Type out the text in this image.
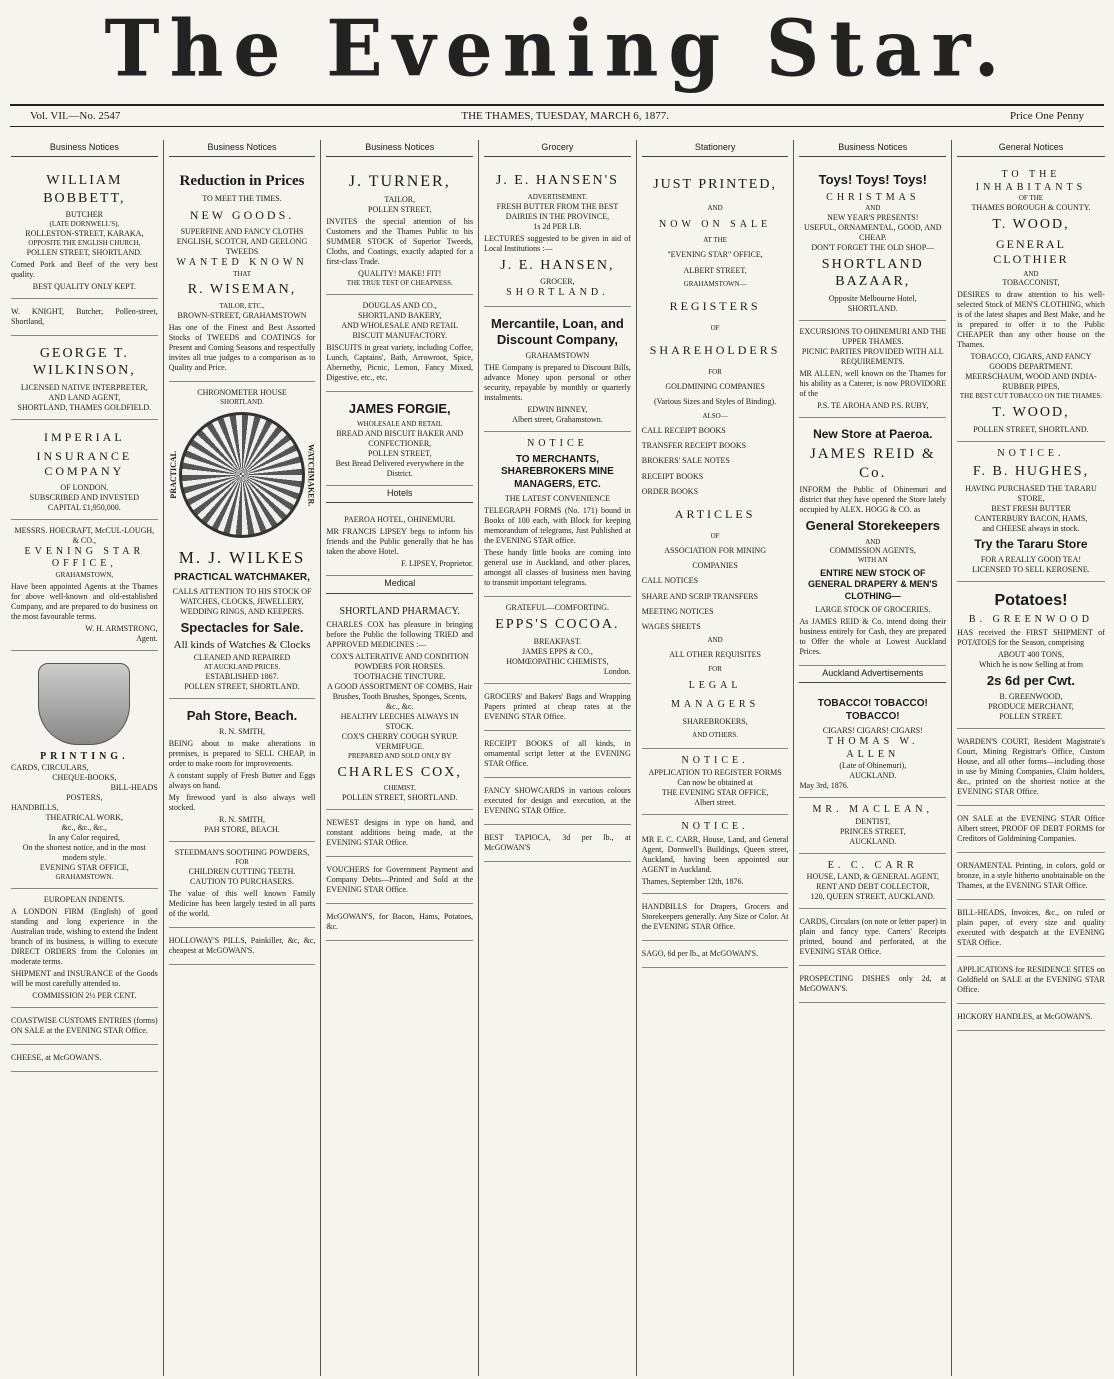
The Evening Star.
Vol. VII.—No. 2547	THE THAMES, TUESDAY, MARCH 6, 1877.	Price One Penny
Business Notices
WILLIAM BOBBETT,
BUTCHER
(LATE DORNWELL'S),
ROLLESTON-STREET, KARAKA,
OPPOSITE THE ENGLISH CHURCH,
POLLEN STREET, SHORTLAND.

Corned Pork and Beef of the very best quality.

BEST QUALITY ONLY KEPT.

W. KNIGHT, Butcher, Pollen-street, Shortland,

GEORGE T. WILKINSON,
LICENSED NATIVE INTERPRETER,
AND LAND AGENT,
SHORTLAND, THAMES GOLDFIELD.
IMPERIAL
INSURANCE COMPANY
OF LONDON.
SUBSCRIBED AND INVESTED
CAPITAL £1,950,000.
MESSRS. HOECRAFT, McCUL-LOUGH, & CO.,
EVENING STAR OFFICE,
GRAHAMSTOWN,

Have been appointed Agents at the Thames for above well-known and old-established Company, and are prepared to do business on the most favourable terms.

W. H. ARMSTRONG,
Agent.
PRINTING.
CARDS, CIRCULARS,
CHEQUE-BOOKS,
BILL-HEADS
POSTERS,
HANDBILLS,
THEATRICAL WORK,
&c., &c., &c.,
In any Color required,
On the shortest notice, and in the most
modern style.
EVENING STAR OFFICE,
GRAHAMSTOWN.
EUROPEAN INDENTS.

A LONDON FIRM (English) of good standing and long experience in the Australian trade, wishing to extend the Indent branch of its business, is willing to execute DIRECT ORDERS from the Colonies on moderate terms.

SHIPMENT and INSURANCE of the Goods will be most carefully attended to.

COMMISSION 2½ PER CENT.

COASTWISE CUSTOMS ENTRIES (forms) ON SALE at the EVENING STAR Office.

CHEESE, at McGOWAN'S.

Business Notices
Reduction in Prices
TO MEET THE TIMES.
NEW GOODS.
SUPERFINE AND FANCY CLOTHS
ENGLISH, SCOTCH, AND GEELONG TWEEDS
WANTED KNOWN
THAT
R. WISEMAN,
TAILOR, ETC.,
BROWN-STREET, GRAHAMSTOWN

Has one of the Finest and Best Assorted Stocks of TWEEDS and COATINGS for Present and Coming Seasons and respectfully invites all true judges to a comparison as to Quality and Price.

CHRONOMETER HOUSE
SHORTLAND.
PRACTICAL	WATCHMAKER.
M. J. WILKES
PRACTICAL WATCHMAKER,
CALLS ATTENTION TO HIS STOCK OF
WATCHES, CLOCKS, JEWELLERY, WEDDING RINGS, AND KEEPERS.
Spectacles for Sale.
All kinds of Watches & Clocks
CLEANED AND REPAIRED
AT AUCKLAND PRICES.
ESTABLISHED 1867.
POLLEN STREET, SHORTLAND.
Pah Store, Beach.
R. N. SMITH,

BEING about to make alterations in premises, is prepared to SELL CHEAP, in order to make room for improvements.

A constant supply of Fresh Butter and Eggs always on hand.

My firewood yard is also always well stocked.

R. N. SMITH,
PAH STORE, BEACH.
STEEDMAN'S SOOTHING POWDERS,
FOR
CHILDREN CUTTING TEETH.
CAUTION TO PURCHASERS.

The value of this well known Family Medicine has been largely tested in all parts of the world.

HOLLOWAY'S PILLS, Painkiller, &c, &c, cheapest at McGOWAN'S.

Business Notices
J. TURNER,
TAILOR,
POLLEN STREET,

INVITES the special attention of his Customers and the Thames Public to his SUMMER STOCK of Superior Tweeds, Cloths, and Coatings, exactly adapted for a first-class Trade.

QUALITY! MAKE! FIT!
THE TRUE TEST OF CHEAPNESS.
DOUGLAS AND CO.,
SHORTLAND BAKERY,
AND WHOLESALE AND RETAIL BISCUIT MANUFACTORY.

BISCUITS in great variety, including Coffee, Lunch, Captains', Bath, Arrowroot, Spice, Abernethy, Picnic, Lemon, Fancy Mixed, Digestive, etc., etc.

JAMES FORGIE,
WHOLESALE AND RETAIL
BREAD AND BISCUIT BAKER AND CONFECTIONER,
POLLEN STREET,
Best Bread Delivered everywhere in the District.
Hotels
PAEROA HOTEL, OHINEMURI.

MR FRANCIS LIPSEY begs to inform his friends and the Public generally that he has taken the above Hotel.

F. LIPSEY, Proprietor.
Medical
SHORTLAND PHARMACY.

CHARLES COX has pleasure in bringing before the Public the following TRIED and APPROVED MEDICINES :—

COX'S ALTERATIVE AND CONDITION POWDERS FOR HORSES.
TOOTHACHE TINCTURE.
A GOOD ASSORTMENT OF COMBS, Hair Brushes, Tooth Brushes, Sponges, Scents, &c., &c.
HEALTHY LEECHES ALWAYS IN STOCK.
COX'S CHERRY COUGH SYRUP.
VERMIFUGE.
PREPARED AND SOLD ONLY BY
CHARLES COX,
CHEMIST,
POLLEN STREET, SHORTLAND.

NEWEST designs in type on hand, and constant additions being made, at the EVENING STAR Office.

VOUCHERS for Government Payment and Company Debts—Printed and Sold at the EVENING STAR Office.

McGOWAN'S, for Bacon, Hams, Potatoes, &c.

Grocery
J. E. HANSEN'S
ADVERTISEMENT.
FRESH BUTTER FROM THE BEST DAIRIES IN THE PROVINCE,
1s 2d PER LB.

LECTURES suggested to be given in aid of Local Institutions :—

J. E. HANSEN,
GROCER,
SHORTLAND.
Mercantile, Loan, and Discount Company,
GRAHAMSTOWN

THE Company is prepared to Discount Bills, advance Money upon personal or other security, repayable by monthly or quarterly instalments.

EDWIN BINNEY,
Albert street, Grahamstown.
NOTICE
TO MERCHANTS, SHAREBROKERS MINE MANAGERS, ETC.
THE LATEST CONVENIENCE

TELEGRAPH FORMS (No. 171) bound in Books of 100 each, with Block for keeping memorandum of telegrams, Just Published at the EVENING STAR office.

These handy little books are coming into general use in Auckland, and other places, amongst all classes of business men having to transmit important telegrams.

GRATEFUL—COMFORTING.
EPPS'S COCOA.
BREAKFAST.
JAMES EPPS & CO.,
HOMŒOPATHIC CHEMISTS,
London.

GROCERS' and Bakers' Bags and Wrapping Papers printed at cheap rates at the EVENING STAR Office.

RECEIPT BOOKS of all kinds, in ornamental script letter at the EVENING STAR Office.

FANCY SHOWCARDS in various colours executed for design and execution, at the EVENING STAR Office.

BEST TAPIOCA, 3d per lb., at McGOWAN'S

Stationery
JUST PRINTED,
AND
NOW ON SALE
AT THE
"EVENING STAR" OFFICE,
ALBERT STREET,
GRAHAMSTOWN—
REGISTERS
OF
SHAREHOLDERS
FOR
GOLDMINING COMPANIES
(Various Sizes and Styles of Binding).
ALSO—
CALL RECEIPT BOOKS
TRANSFER RECEIPT BOOKS
BROKERS' SALE NOTES
RECEIPT BOOKS
ORDER BOOKS
ARTICLES
OF
ASSOCIATION FOR MINING COMPANIES
CALL NOTICES
SHARE AND SCRIP TRANSFERS
MEETING NOTICES
WAGES SHEETS
AND
ALL OTHER REQUISITES
FOR
LEGAL MANAGERS
SHAREBROKERS,
AND OTHERS.
NOTICE.
APPLICATION TO REGISTER FORMS
Can now be obtained at
THE EVENING STAR OFFICE,
Albert street.
NOTICE.

MR E. C. CARR, House, Land, and General Agent, Dornwell's Buildings, Queen street, Auckland, having been appointed our AGENT in Auckland.

Thames, September 12th, 1876.

HANDBILLS for Drapers, Grocers and Storekeepers generally. Any Size or Color. At the EVENING STAR Office.

SAGO, 6d per lb., at McGOWAN'S.

Business Notices
Toys! Toys! Toys!
CHRISTMAS
AND
NEW YEAR'S PRESENTS!
USEFUL, ORNAMENTAL, GOOD, AND CHEAP.
DON'T FORGET THE OLD SHOP—
SHORTLAND BAZAAR,
Opposite Melbourne Hotel,
SHORTLAND.
EXCURSIONS TO OHINEMURI AND THE UPPER THAMES.
PICNIC PARTIES PROVIDED WITH ALL REQUIREMENTS.

MR ALLEN, well known on the Thames for his ability as a Caterer, is now PROVIDORE of the

P.S. TE AROHA AND P.S. RUBY,
New Store at Paeroa.
JAMES REID & Co.

INFORM the Public of Ohinemuri and district that they have opened the Store lately occupied by ALEX. HOGG & CO. as

General Storekeepers
AND
COMMISSION AGENTS,
WITH AN
ENTIRE NEW STOCK OF GENERAL DRAPERY & MEN'S CLOTHING—
LARGE STOCK OF GROCERIES.

As JAMES REID & Co. intend doing their business entirely for Cash, they are prepared to Offer the whole at Lowest Auckland Prices.

Auckland Advertisements
TOBACCO! TOBACCO! TOBACCO!
CIGARS! CIGARS! CIGARS!
THOMAS W. ALLEN
(Late of Ohinemuri),
AUCKLAND.
May 3rd, 1876.
MR. MACLEAN,
DENTIST,
PRINCES STREET,
AUCKLAND.
E. C. CARR
HOUSE, LAND, & GENERAL AGENT,
RENT AND DEBT COLLECTOR,
120, QUEEN STREET, AUCKLAND.

CARDS, Circulars (on note or letter paper) in plain and fancy type. Carters' Receipts printed, bound and perforated, at the EVENING STAR Office.

PROSPECTING DISHES only 2d, at McGOWAN'S.

General Notices
TO THE INHABITANTS
OF THE
THAMES BOROUGH & COUNTY.
T. WOOD,
GENERAL CLOTHIER
AND
TOBACCONIST,

DESIRES to draw attention to his well-selected Stock of MEN'S CLOTHING, which is of the latest shapes and Best Make, and he is prepared to offer it to the Public CHEAPER than any other house on the Thames.

TOBACCO, CIGARS, AND FANCY GOODS DEPARTMENT.
MEERSCHAUM, WOOD AND INDIA-RUBBER PIPES,
THE BEST CUT TOBACCO ON THE THAMES.
T. WOOD,
POLLEN STREET, SHORTLAND.
NOTICE.
F. B. HUGHES,
HAVING PURCHASED THE TARARU STORE,
BEST FRESH BUTTER
CANTERBURY BACON, HAMS,
and CHEESE always in stock.
Try the Tararu Store
FOR A REALLY GOOD TEA!
LICENSED TO SELL KEROSENE.
Potatoes!
B. GREENWOOD

HAS received the FIRST SHIPMENT of POTATOES for the Season, comprising

ABOUT 400 TONS,
Which he is now Selling at from
2s 6d per Cwt.
B. GREENWOOD,
PRODUCE MERCHANT,
POLLEN STREET.

WARDEN'S COURT, Resident Magistrate's Court, Mining Registrar's Office, Custom House, and all other forms—including those in use by Mining Companies, Claim holders, &c., printed on the shortest notice at the EVENING STAR Office.

ON SALE at the EVENING STAR Office Albert street, PROOF OF DEBT FORMS for Creditors of Goldmining Companies.

ORNAMENTAL Printing, in colors, gold or bronze, in a style hitherto unobtainable on the Thames, at the EVENING STAR Office.

BILL-HEADS, Invoices, &c., on ruled or plain paper, of every size and quality executed with despatch at the EVENING STAR Office.

APPLICATIONS for RESIDENCE SITES on Goldfield on SALE at the EVENING STAR Office.

HICKORY HANDLES, at McGOWAN'S.
